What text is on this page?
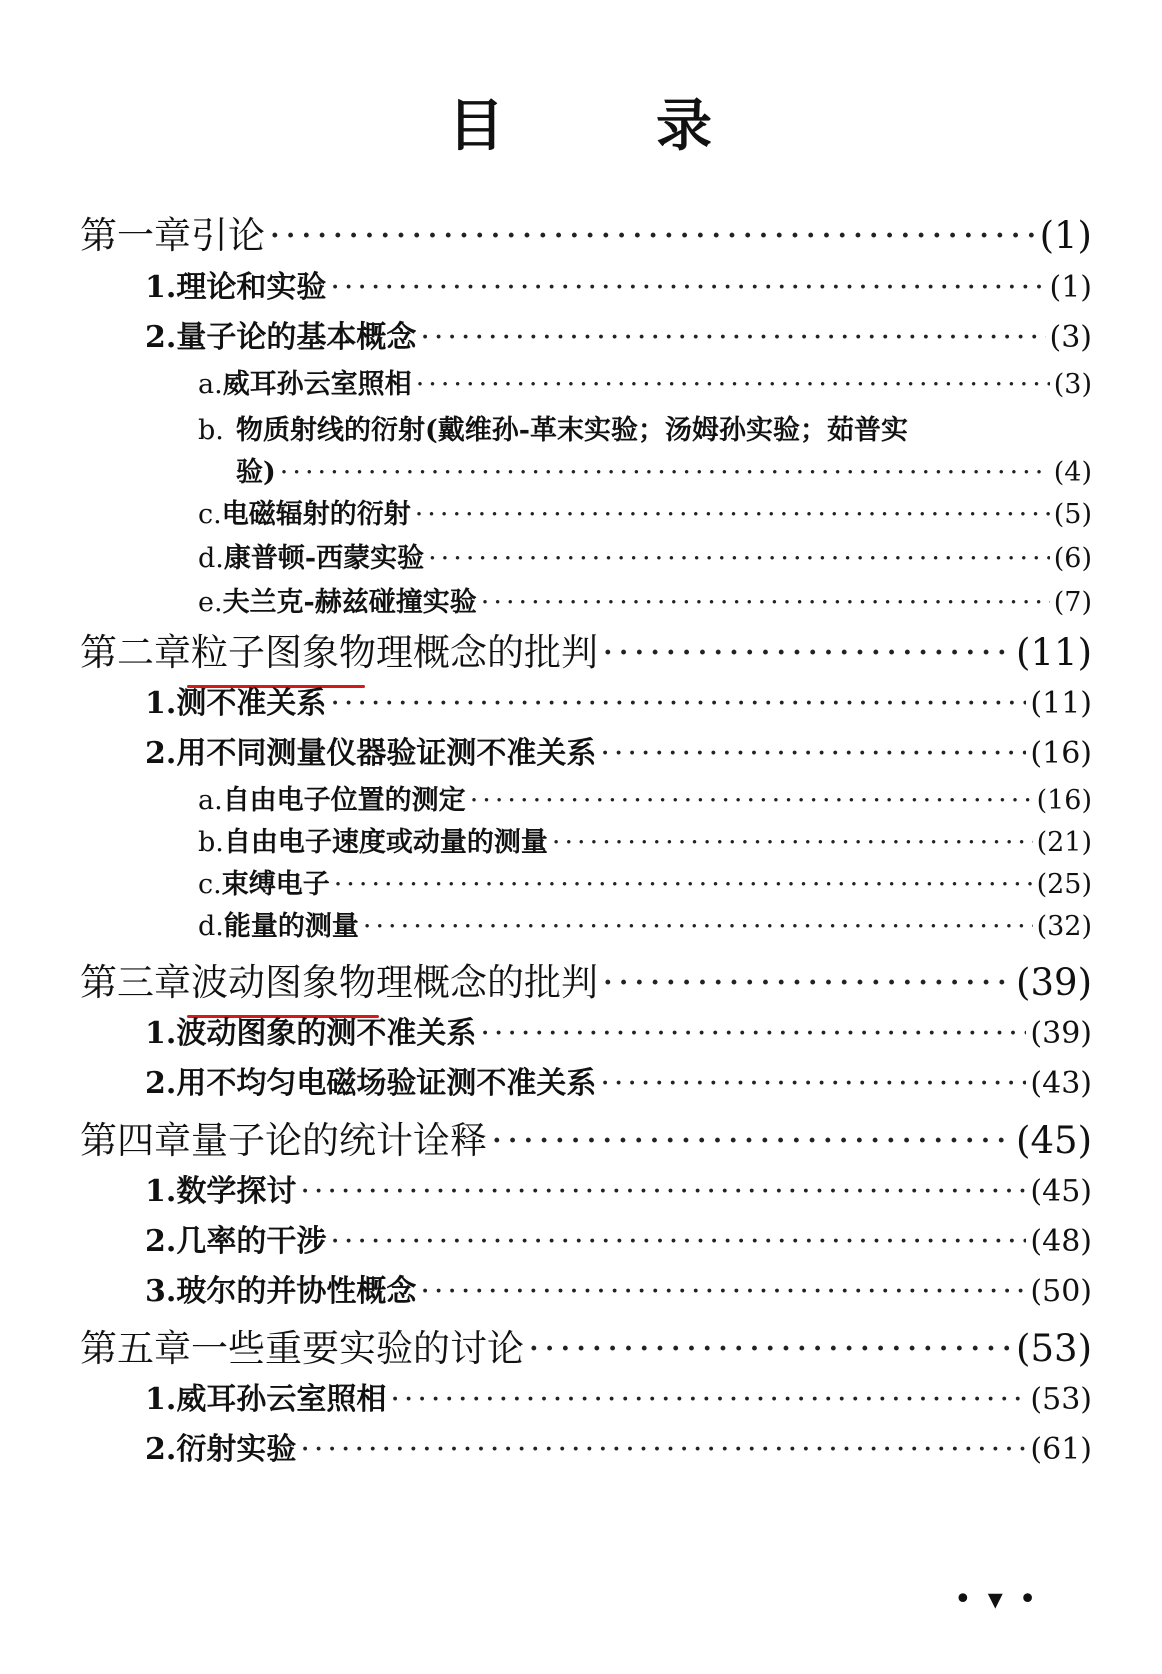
目	录
第一章 引论 ·····	(1)
1. 理论和实验 ·····	(1)
2. 量子论的基本概念 ·····	(3)
a. 威耳孙云室照相 ·····	(3)
b. 物质射线的衍射(戴维孙-革末实验；汤姆孙实验；茹普实
验) ·····	(4)
c. 电磁辐射的衍射 ·····	(5)
d. 康普顿-西蒙实验 ·····	(6)
e. 夫兰克-赫兹碰撞实验 ·····	(7)
第二章 粒子图象物理概念的批判 ·····	(11)
1. 测不准关系 ·····	(11)
2. 用不同测量仪器验证测不准关系 ·····	(16)
a. 自由电子位置的测定 ·····	(16)
b. 自由电子速度或动量的测量 ·····	(21)
c. 束缚电子 ·····	(25)
d. 能量的测量 ·····	(32)
第三章 波动图象物理概念的批判 ·····	(39)
1. 波动图象的测不准关系 ·····	(39)
2. 用不均匀电磁场验证测不准关系 ·····	(43)
第四章 量子论的统计诠释 ·····	(45)
1. 数学探讨 ·····	(45)
2. 几率的干涉 ·····	(48)
3. 玻尔的并协性概念 ·····	(50)
第五章 一些重要实验的讨论 ·····	(53)
1. 威耳孙云室照相 ·····	(53)
2. 衍射实验 ·····	(61)
•▾•
